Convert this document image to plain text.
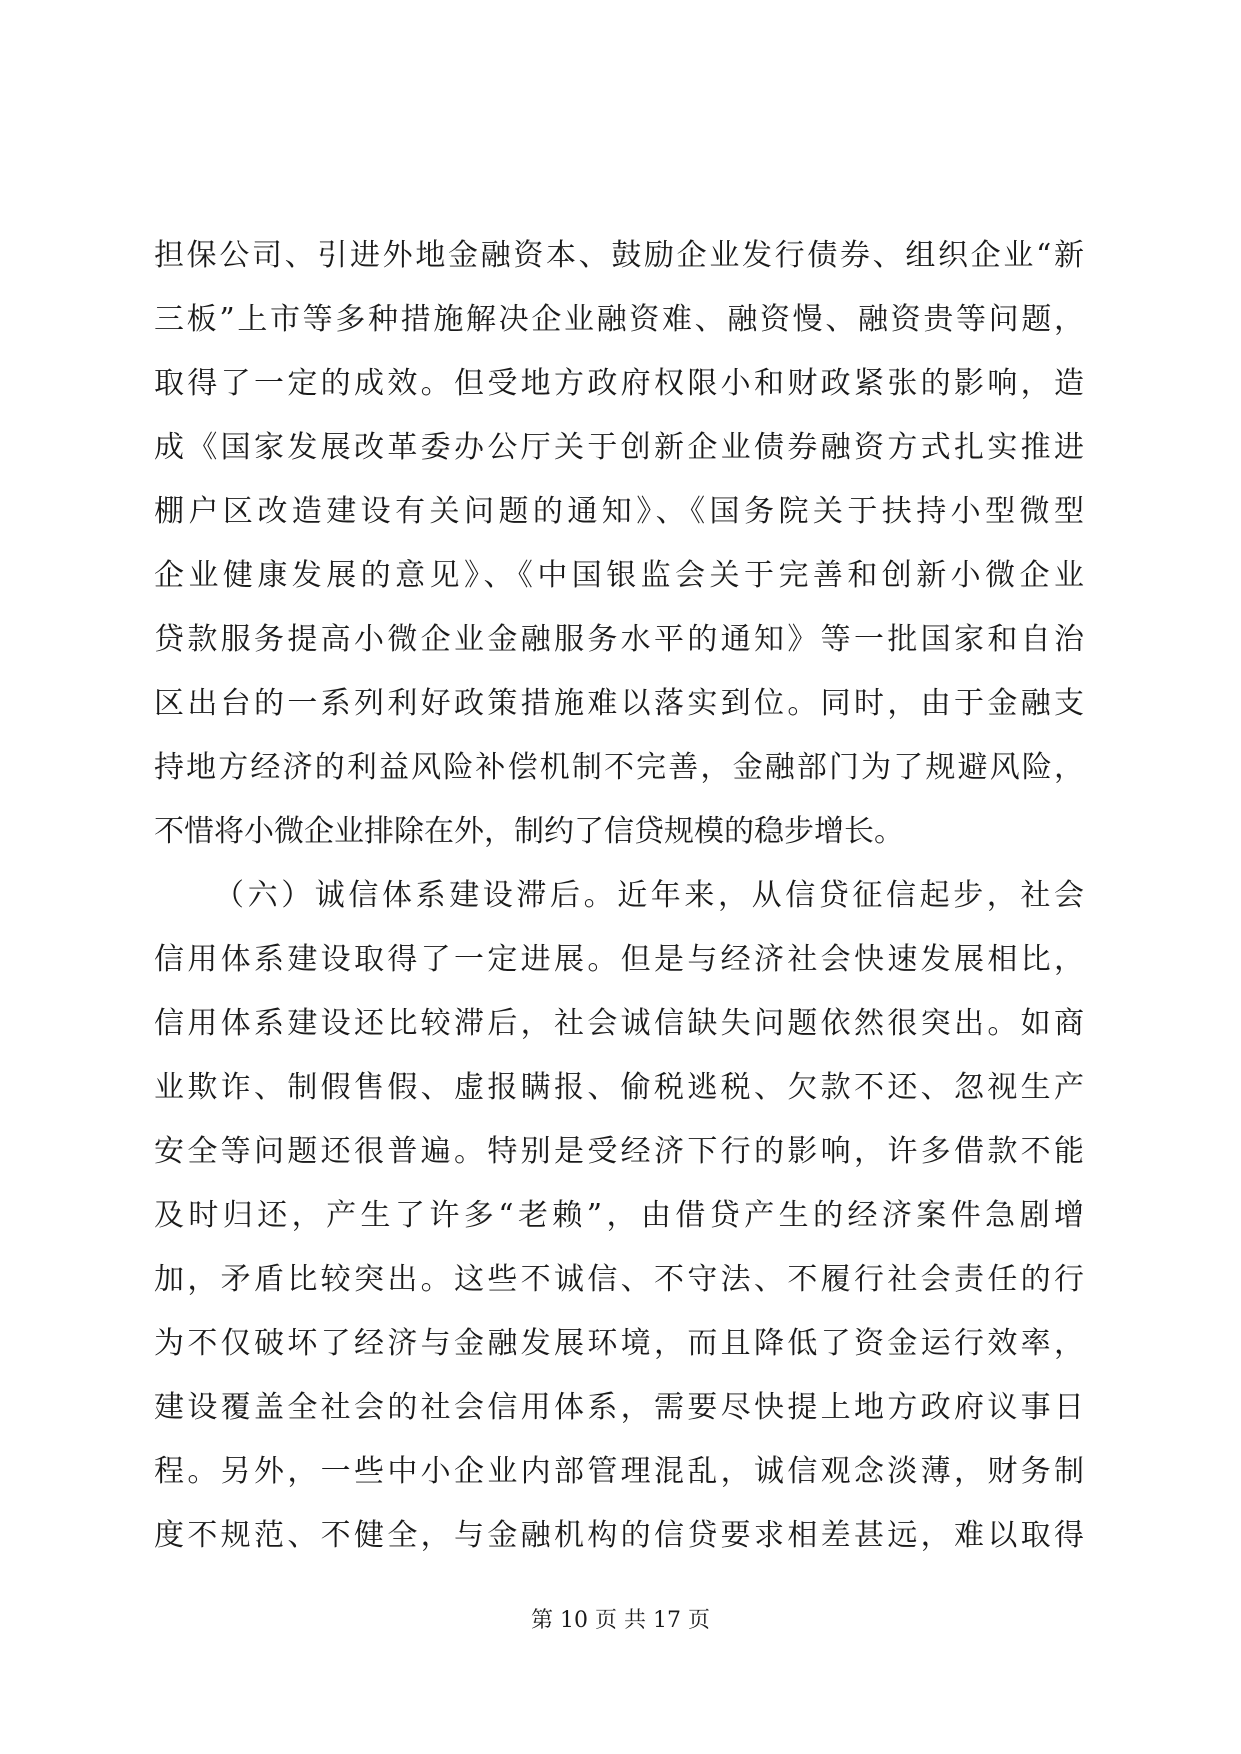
担保公司、引进外地金融资本、鼓励企业发行债券、组织企业“新
三板”上市等多种措施解决企业融资难、融资慢、融资贵等问题，
取得了一定的成效。但受地方政府权限小和财政紧张的影响，造
成《国家发展改革委办公厅关于创新企业债券融资方式扎实推进
棚户区改造建设有关问题的通知》、《国务院关于扶持小型微型
企业健康发展的意见》、《中国银监会关于完善和创新小微企业
贷款服务提高小微企业金融服务水平的通知》等一批国家和自治
区出台的一系列利好政策措施难以落实到位。同时，由于金融支
持地方经济的利益风险补偿机制不完善，金融部门为了规避风险，
不惜将小微企业排除在外，制约了信贷规模的稳步增长。
（六）诚信体系建设滞后。近年来，从信贷征信起步，社会
信用体系建设取得了一定进展。但是与经济社会快速发展相比，
信用体系建设还比较滞后，社会诚信缺失问题依然很突出。如商
业欺诈、制假售假、虚报瞒报、偷税逃税、欠款不还、忽视生产
安全等问题还很普遍。特别是受经济下行的影响，许多借款不能
及时归还，产生了许多“老赖”，由借贷产生的经济案件急剧增
加，矛盾比较突出。这些不诚信、不守法、不履行社会责任的行
为不仅破坏了经济与金融发展环境，而且降低了资金运行效率，
建设覆盖全社会的社会信用体系，需要尽快提上地方政府议事日
程。另外，一些中小企业内部管理混乱，诚信观念淡薄，财务制
度不规范、不健全，与金融机构的信贷要求相差甚远，难以取得
第 10 页 共 17 页
